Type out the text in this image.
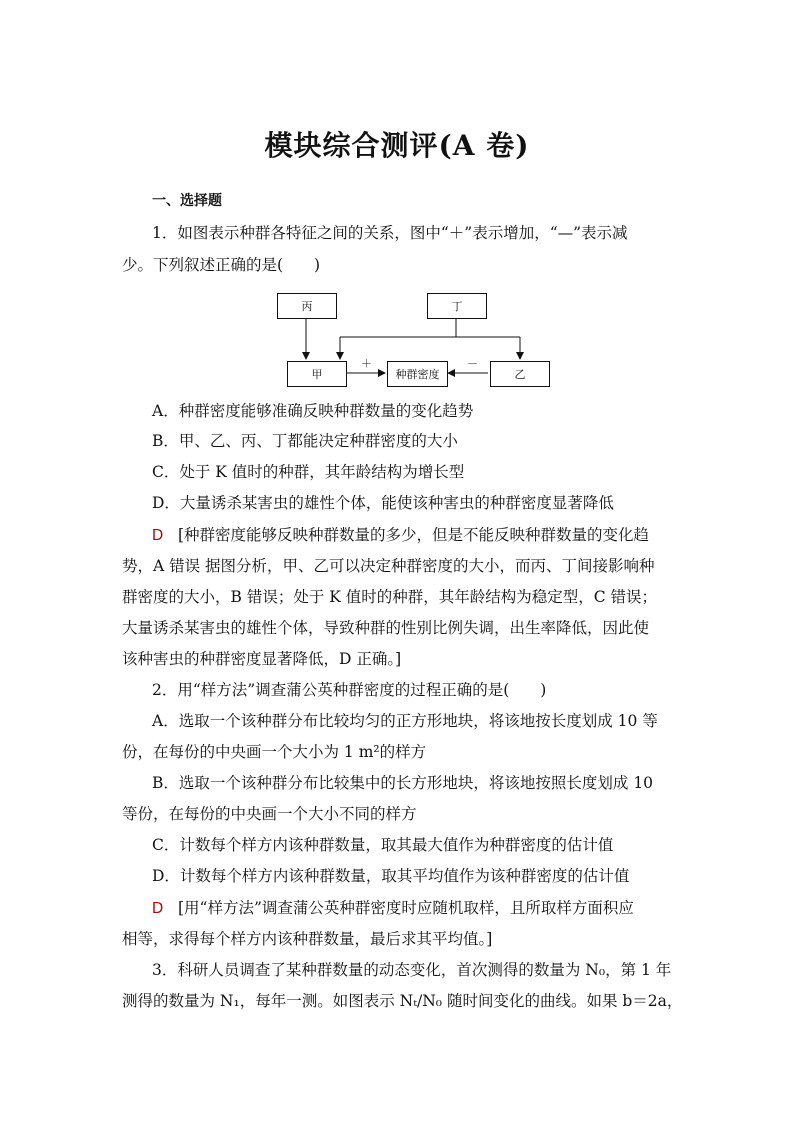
模块综合测评(A 卷)
一、选择题
1．如图表示种群各特征之间的关系，图中“＋”表示增加，“—”表示减
少。下列叙述正确的是(　　)
丙	丁
甲	种群密度	乙
＋	－
A．种群密度能够准确反映种群数量的变化趋势
B．甲、乙、丙、丁都能决定种群密度的大小
C．处于 K 值时的种群，其年龄结构为增长型
D．大量诱杀某害虫的雄性个体，能使该种害虫的种群密度显著降低
D [种群密度能够反映种群数量的多少，但是不能反映种群数量的变化趋
势，A 错误 据图分析，甲、乙可以决定种群密度的大小，而丙、丁间接影响种
群密度的大小，B 错误；处于 K 值时的种群，其年龄结构为稳定型，C 错误；
大量诱杀某害虫的雄性个体，导致种群的性别比例失调，出生率降低，因此使
该种害虫的种群密度显著降低，D 正确。]
2．用“样方法”调查蒲公英种群密度的过程正确的是(　　)
A．选取一个该种群分布比较均匀的正方形地块，将该地按长度划成 10 等
份，在每份的中央画一个大小为 1 m²的样方
B．选取一个该种群分布比较集中的长方形地块，将该地按照长度划成 10
等份，在每份的中央画一个大小不同的样方
C．计数每个样方内该种群数量，取其最大值作为种群密度的估计值
D．计数每个样方内该种群数量，取其平均值作为该种群密度的估计值
D [用“样方法”调查蒲公英种群密度时应随机取样，且所取样方面积应
相等，求得每个样方内该种群数量，最后求其平均值。]
3．科研人员调查了某种群数量的动态变化，首次测得的数量为 N₀，第 1 年
测得的数量为 N₁，每年一测。如图表示 Nₜ/N₀ 随时间变化的曲线。如果 b＝2a，
